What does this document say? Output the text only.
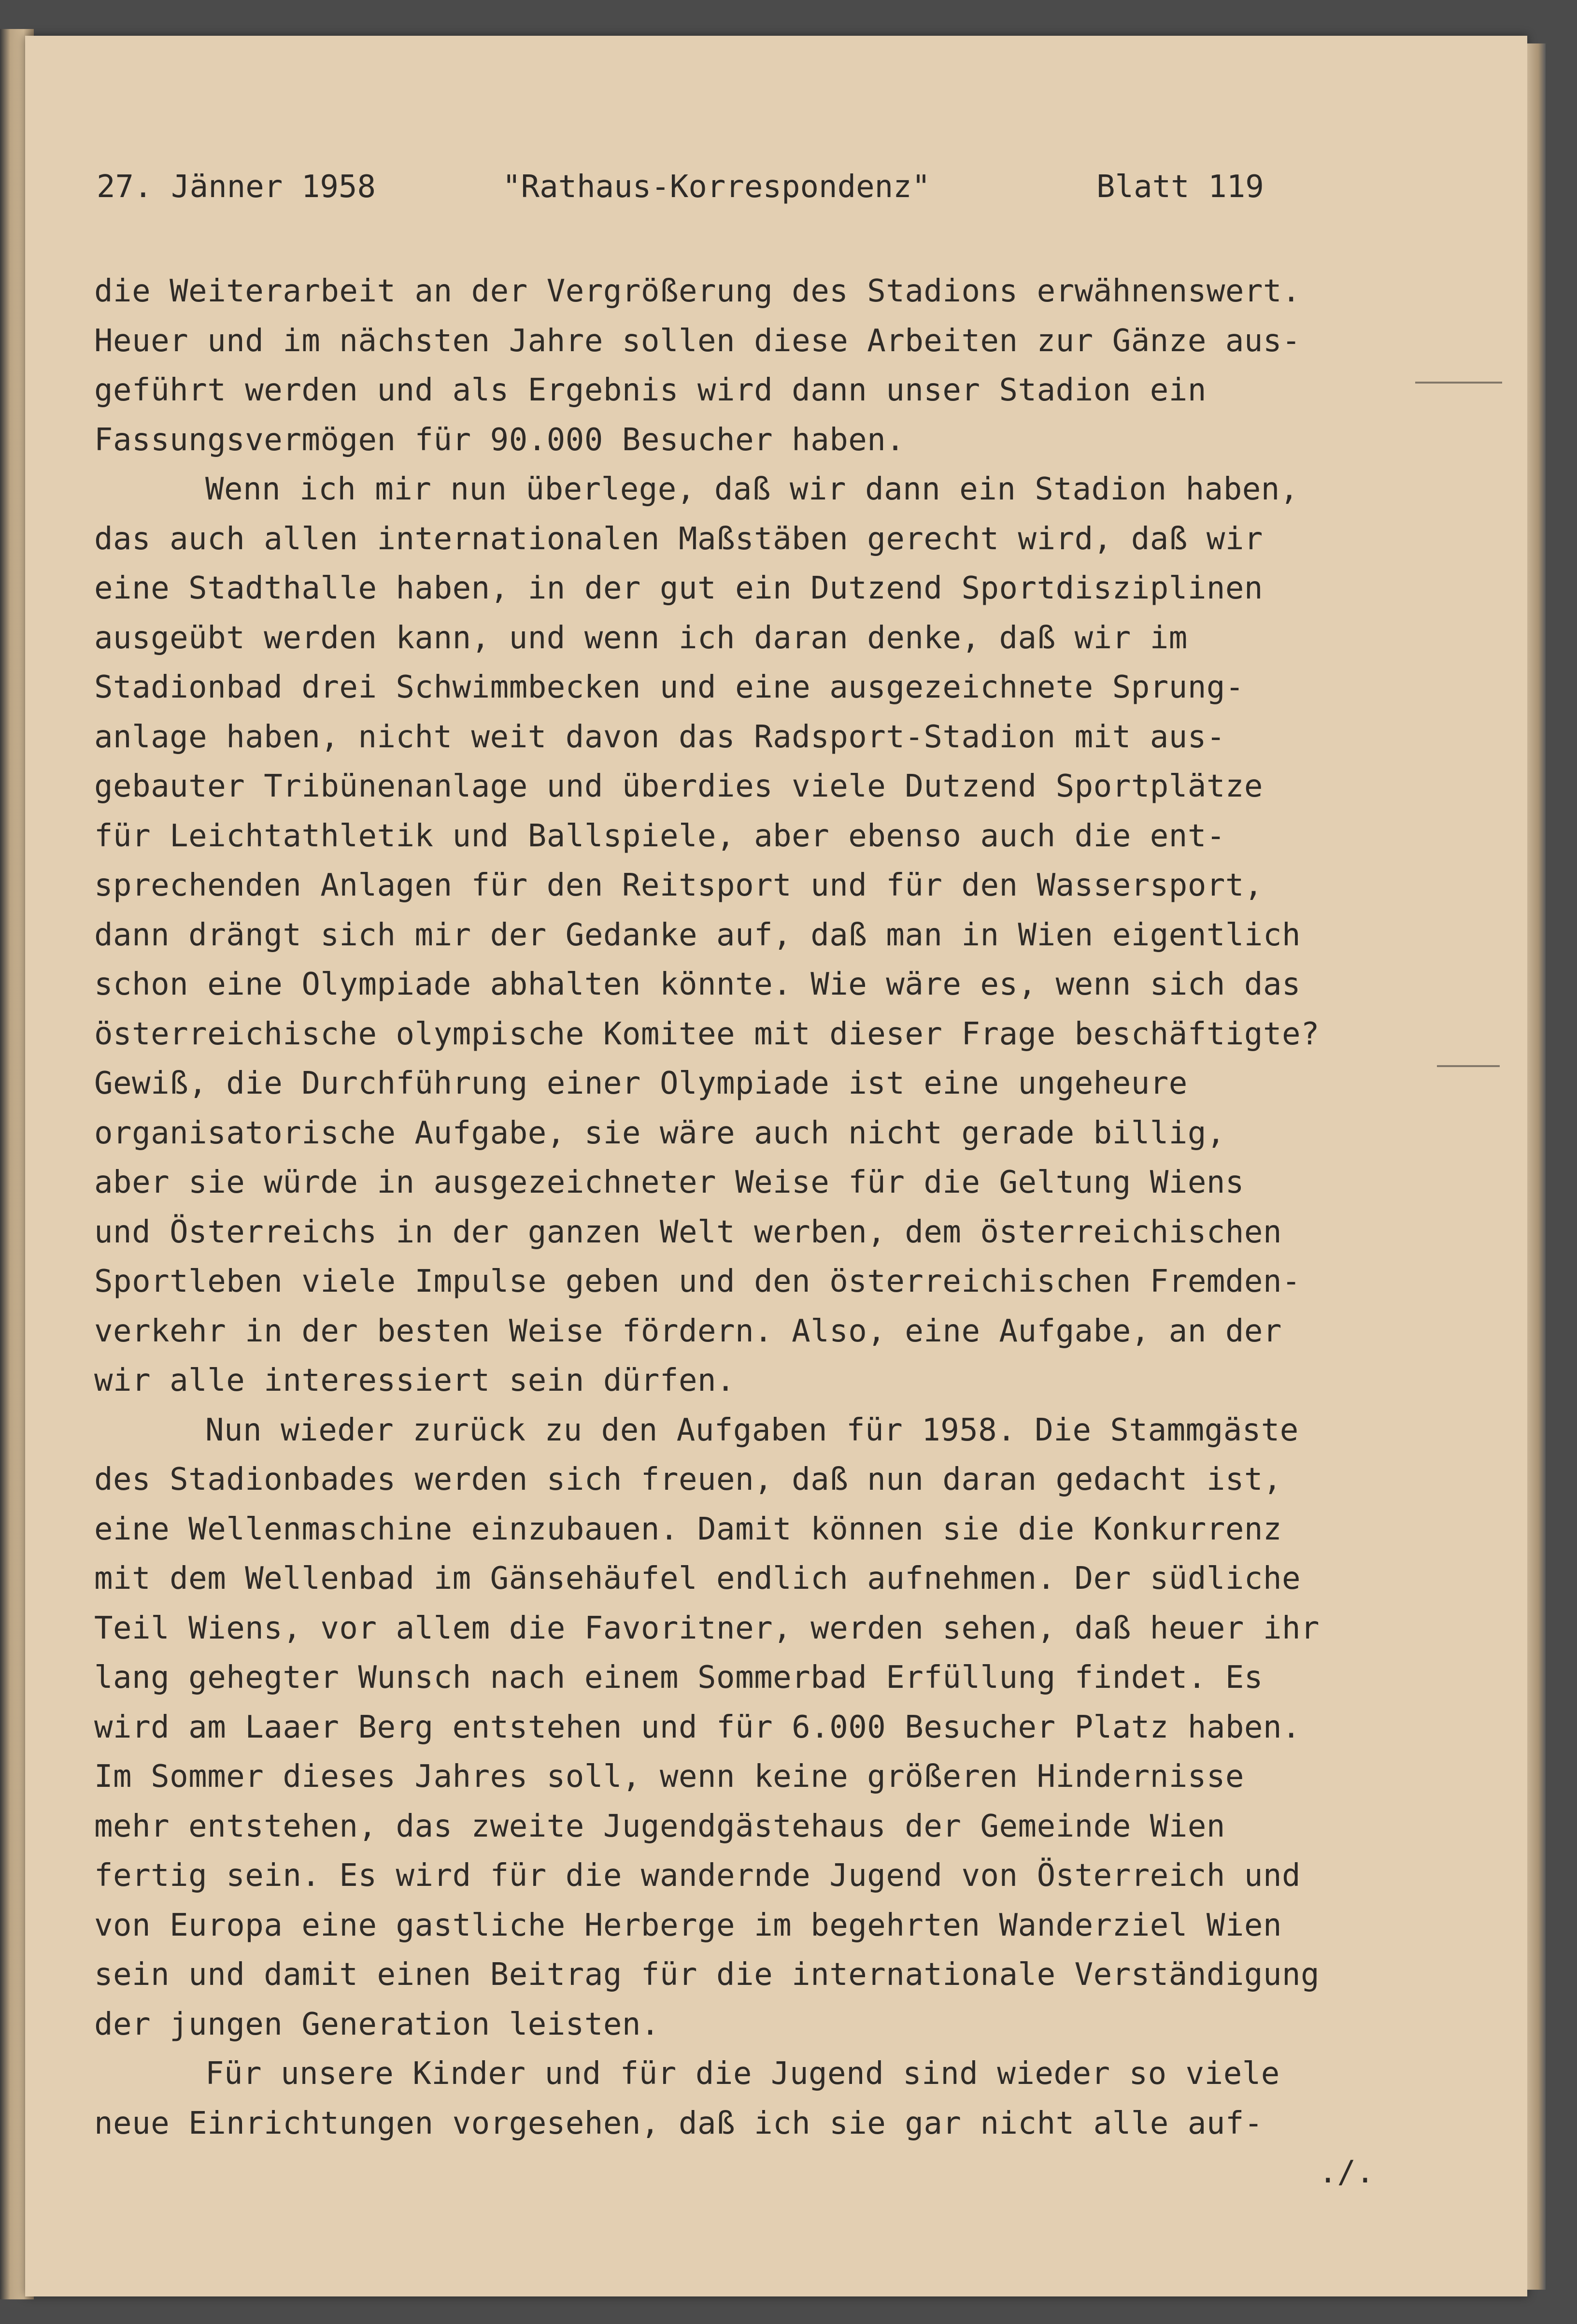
27. Jänner 1958	"Rathaus-Korrespondenz"	Blatt 119
die Weiterarbeit an der Vergrößerung des Stadions erwähnenswert.
Heuer und im nächsten Jahre sollen diese Arbeiten zur Gänze aus-
geführt werden und als Ergebnis wird dann unser Stadion ein
Fassungsvermögen für 90.000 Besucher haben.
Wenn ich mir nun überlege, daß wir dann ein Stadion haben,
das auch allen internationalen Maßstäben gerecht wird, daß wir
eine Stadthalle haben, in der gut ein Dutzend Sportdisziplinen
ausgeübt werden kann, und wenn ich daran denke, daß wir im
Stadionbad drei Schwimmbecken und eine ausgezeichnete Sprung-
anlage haben, nicht weit davon das Radsport-Stadion mit aus-
gebauter Tribünenanlage und überdies viele Dutzend Sportplätze
für Leichtathletik und Ballspiele, aber ebenso auch die ent-
sprechenden Anlagen für den Reitsport und für den Wassersport,
dann drängt sich mir der Gedanke auf, daß man in Wien eigentlich
schon eine Olympiade abhalten könnte. Wie wäre es, wenn sich das
österreichische olympische Komitee mit dieser Frage beschäftigte?
Gewiß, die Durchführung einer Olympiade ist eine ungeheure
organisatorische Aufgabe, sie wäre auch nicht gerade billig,
aber sie würde in ausgezeichneter Weise für die Geltung Wiens
und Österreichs in der ganzen Welt werben, dem österreichischen
Sportleben viele Impulse geben und den österreichischen Fremden-
verkehr in der besten Weise fördern. Also, eine Aufgabe, an der
wir alle interessiert sein dürfen.
Nun wieder zurück zu den Aufgaben für 1958. Die Stammgäste
des Stadionbades werden sich freuen, daß nun daran gedacht ist,
eine Wellenmaschine einzubauen. Damit können sie die Konkurrenz
mit dem Wellenbad im Gänsehäufel endlich aufnehmen. Der südliche
Teil Wiens, vor allem die Favoritner, werden sehen, daß heuer ihr
lang gehegter Wunsch nach einem Sommerbad Erfüllung findet. Es
wird am Laaer Berg entstehen und für 6.000 Besucher Platz haben.
Im Sommer dieses Jahres soll, wenn keine größeren Hindernisse
mehr entstehen, das zweite Jugendgästehaus der Gemeinde Wien
fertig sein. Es wird für die wandernde Jugend von Österreich und
von Europa eine gastliche Herberge im begehrten Wanderziel Wien
sein und damit einen Beitrag für die internationale Verständigung
der jungen Generation leisten.
Für unsere Kinder und für die Jugend sind wieder so viele
neue Einrichtungen vorgesehen, daß ich sie gar nicht alle auf-
./.
